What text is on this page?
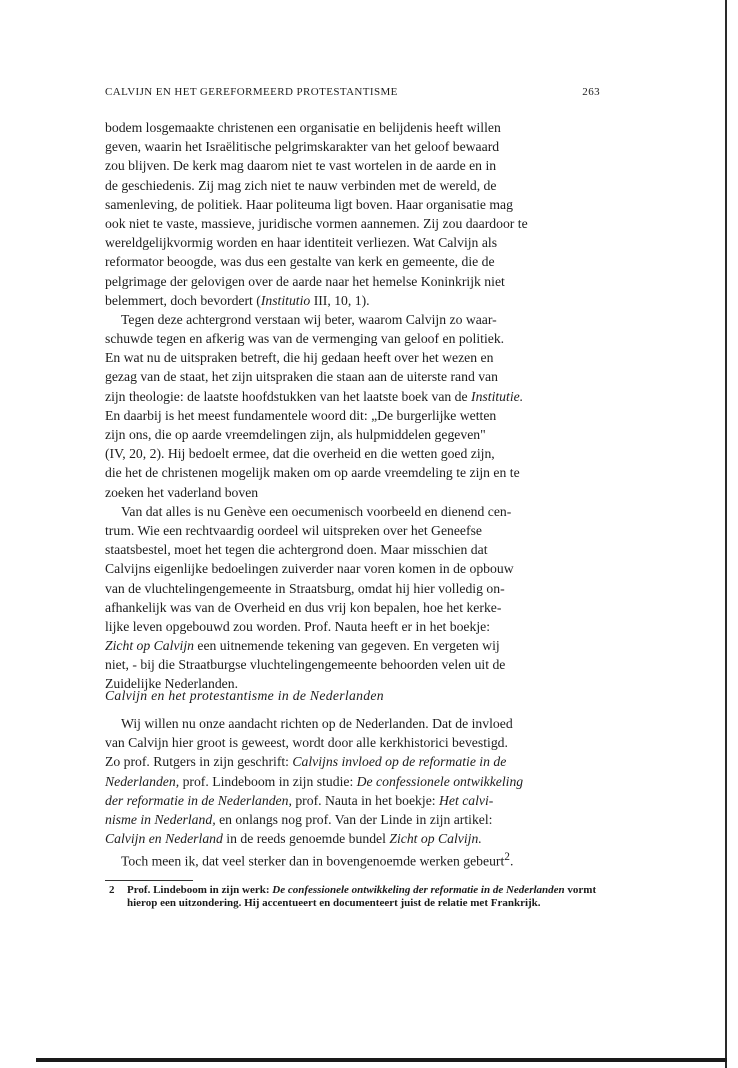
CALVIJN EN HET GEREFORMEERD PROTESTANTISME	263
bodem losgemaakte christenen een organisatie en belijdenis heeft willen
geven, waarin het Israëlitische pelgrimskarakter van het geloof bewaard
zou blijven. De kerk mag daarom niet te vast wortelen in de aarde en in
de geschiedenis. Zij mag zich niet te nauw verbinden met de wereld, de
samenleving, de politiek. Haar politeuma ligt boven. Haar organisatie mag
ook niet te vaste, massieve, juridische vormen aannemen. Zij zou daardoor te
wereldgelijkvormig worden en haar identiteit verliezen. Wat Calvijn als
reformator beoogde, was dus een gestalte van kerk en gemeente, die de
pelgrimage der gelovigen over de aarde naar het hemelse Koninkrijk niet
belemmert, doch bevordert (Institutio III, 10, 1).
Tegen deze achtergrond verstaan wij beter, waarom Calvijn zo waar-
schuwde tegen en afkerig was van de vermenging van geloof en politiek.
En wat nu de uitspraken betreft, die hij gedaan heeft over het wezen en
gezag van de staat, het zijn uitspraken die staan aan de uiterste rand van
zijn theologie: de laatste hoofdstukken van het laatste boek van de Institutie.
En daarbij is het meest fundamentele woord dit: „De burgerlijke wetten
zijn ons, die op aarde vreemdelingen zijn, als hulpmiddelen gegeven"
(IV, 20, 2). Hij bedoelt ermee, dat die overheid en die wetten goed zijn,
die het de christenen mogelijk maken om op aarde vreemdeling te zijn en te
zoeken het vaderland boven
Van dat alles is nu Genève een oecumenisch voorbeeld en dienend cen-
trum. Wie een rechtvaardig oordeel wil uitspreken over het Geneefse
staatsbestel, moet het tegen die achtergrond doen. Maar misschien dat
Calvijns eigenlijke bedoelingen zuiverder naar voren komen in de opbouw
van de vluchtelingengemeente in Straatsburg, omdat hij hier volledig on-
afhankelijk was van de Overheid en dus vrij kon bepalen, hoe het kerke-
lijke leven opgebouwd zou worden. Prof. Nauta heeft er in het boekje:
Zicht op Calvijn een uitnemende tekening van gegeven. En vergeten wij
niet, - bij die Straatburgse vluchtelingengemeente behoorden velen uit de
Zuidelijke Nederlanden.
Calvijn en het protestantisme in de Nederlanden
Wij willen nu onze aandacht richten op de Nederlanden. Dat de invloed
van Calvijn hier groot is geweest, wordt door alle kerkhistorici bevestigd.
Zo prof. Rutgers in zijn geschrift: Calvijns invloed op de reformatie in de
Nederlanden, prof. Lindeboom in zijn studie: De confessionele ontwikkeling
der reformatie in de Nederlanden, prof. Nauta in het boekje: Het calvi-
nisme in Nederland, en onlangs nog prof. Van der Linde in zijn artikel:
Calvijn en Nederland in de reeds genoemde bundel Zicht op Calvijn.
Toch meen ik, dat veel sterker dan in bovengenoemde werken gebeurt$^2$.
2 Prof. Lindeboom in zijn werk: De confessionele ontwikkeling der reformatie in de Nederlanden vormt hierop een uitzondering. Hij accentueert en documenteert juist de relatie met Frankrijk.
